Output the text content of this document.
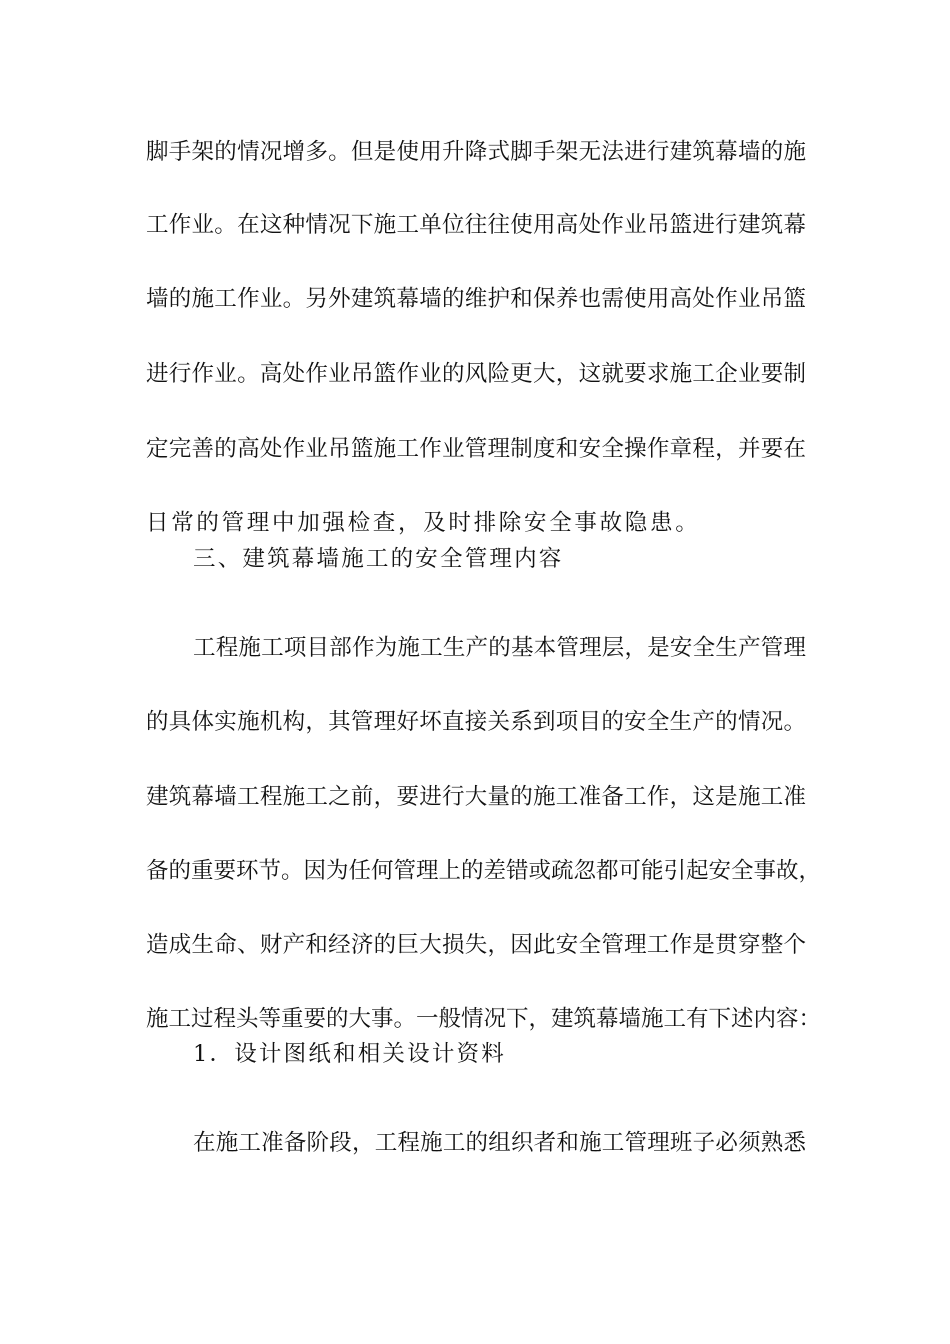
脚手架的情况增多。但是使用升降式脚手架无法进行建筑幕墙的施
工作业。在这种情况下施工单位往往使用高处作业吊篮进行建筑幕
墙的施工作业。另外建筑幕墙的维护和保养也需使用高处作业吊篮
进行作业。高处作业吊篮作业的风险更大，这就要求施工企业要制
定完善的高处作业吊篮施工作业管理制度和安全操作章程，并要在
日常的管理中加强检查，及时排除安全事故隐患。
三、建筑幕墙施工的安全管理内容
工程施工项目部作为施工生产的基本管理层，是安全生产管理
的具体实施机构，其管理好坏直接关系到项目的安全生产的情况。
建筑幕墙工程施工之前，要进行大量的施工准备工作，这是施工准
备的重要环节。因为任何管理上的差错或疏忽都可能引起安全事故，
造成生命、财产和经济的巨大损失，因此安全管理工作是贯穿整个
施工过程头等重要的大事。一般情况下，建筑幕墙施工有下述内容：
1．设计图纸和相关设计资料
在施工准备阶段，工程施工的组织者和施工管理班子必须熟悉
